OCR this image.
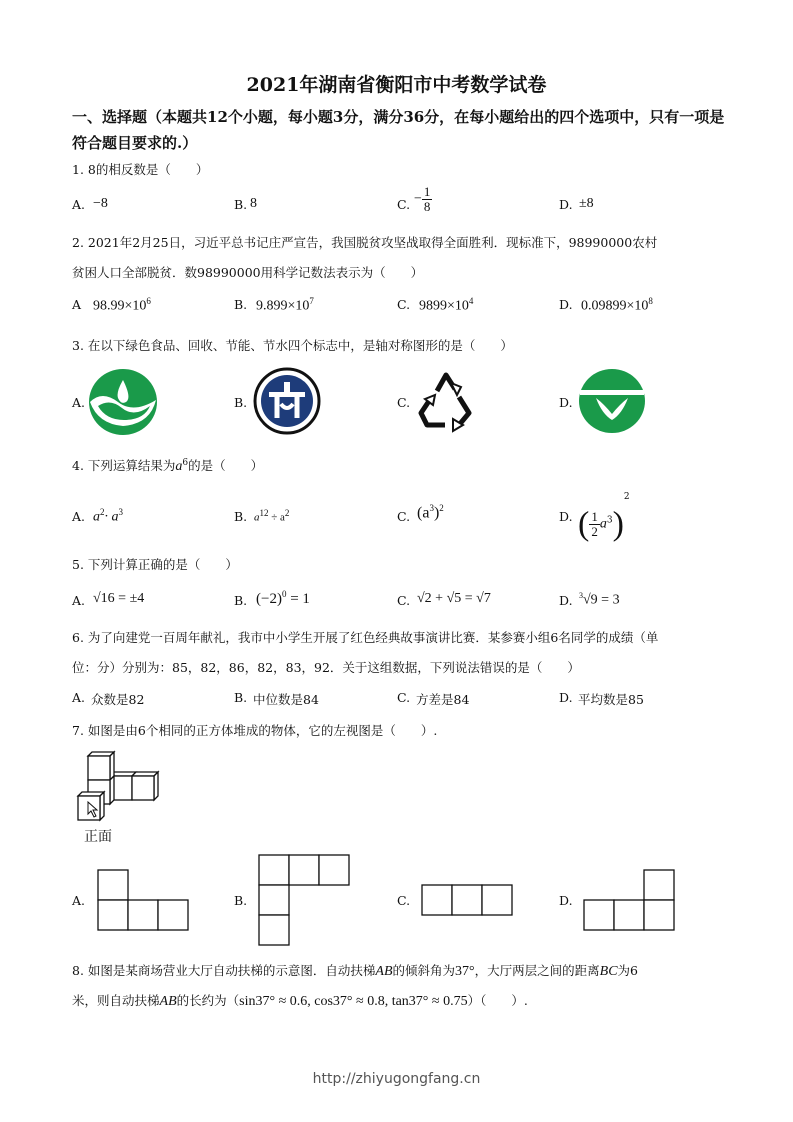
2021年湖南省衡阳市中考数学试卷
一、选择题（本题共12个小题，每小题3分，满分36分，在每小题给出的四个选项中，只有一项是符合题目要求的.）
1. 8的相反数是（　　）
A. −8	B. 8	C. − $\frac{1}{8}$	D. ±8
2. 2021年2月25日，习近平总书记庄严宣告，我国脱贫攻坚战取得全面胜利．现标准下，98990000农村
贫困人口全部脱贫．数98990000用科学记数法表示为（　　）
A $98.99\times 10^6$	B. $9.899\times 10^7$	C. $9899\times 10^4$	D. $0.09899\times 10^8$
3. 在以下绿色食品、回收、节能、节水四个标志中，是轴对称图形的是（　　）
A.	B.	C.	D.
4. 下列运算结果为$a^6$的是（　　）
A. $a^2\cdot a^3$	B. $a^{12} \div a^2$	C. $(a^3)^2$
D. ( $\frac{1}{2} a^3)^2$
5. 下列计算正确的是（　　）
A. √16 = ±4	B. $(-2)^0 = 1$	C. √2 + √5 = √7	D. $^3$√9 = 3
6. 为了向建党一百周年献礼，我市中小学生开展了红色经典故事演讲比赛．某参赛小组6名同学的成绩（单
位：分）分别为：85，82，86，82，83，92．关于这组数据，下列说法错误的是（　　）
A. 众数是82	B. 中位数是84	C. 方差是84	D. 平均数是85
7. 如图是由6个相同的正方体堆成的物体，它的左视图是（　　）.
正面
A.	B.	C.	D.
8. 如图是某商场营业大厅自动扶梯的示意图．自动扶梯AB的倾斜角为37°，大厅两层之间的距离BC为6
米，则自动扶梯AB的长约为（sin37° ≈ 0.6, cos37° ≈ 0.8, tan37° ≈ 0.75）（　　）.
http://zhiyugongfang.cn
